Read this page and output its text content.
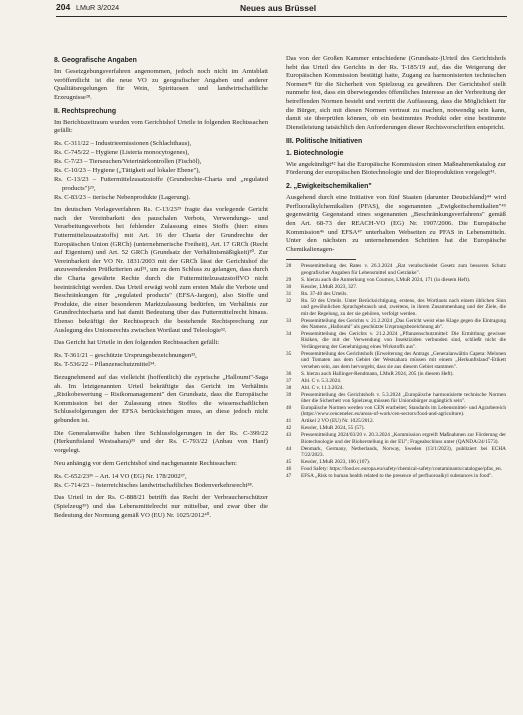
204 LMuR 3/2024	Neues aus Brüssel
8. Geografische Angaben

Im Gesetzgebungsverfahren angenommen, jedoch noch nicht im Amtsblatt veröffentlicht ist die neue VO zu geografischer Angaben und anderer Qualitätsregelungen für Wein, Spirituosen und landwirtschaftliche Erzeugnisse²⁸.

II. Rechtsprechung

Im Berichtszeitraum wurden vom Gerichtshof Urteile in folgenden Rechtssachen gefällt:

Rs. C-311/22 – Industrieemissionen (Schlachthaus),
Rs. C-745/22 – Hygiene (Listeria monocytogenes),
Rs. C-7/23 – Tierseuchen/Veterinärkontrollen (Fischöl),
Rs. C-10/23 – Hygiene („Tätigkeit auf lokaler Ebene"),
Rs. C-13/23 – Futtermittelzusatzstoffe (Grundrechte-Charta und „regulated products")²⁹,
Rs. C-83/23 – tierische Nebenprodukte (Lagerung).

Im deutschen Vorlageverfahren Rs. C-13/23²⁹ fragte das vorlegende Gericht nach der Vereinbarkeit des pauschalen Verbots, Verwendungs- und Verarbeitungsverbots bei fehlender Zulassung eines Stoffs (hier: eines Futtermittelzusatzstoffs) mit Art. 16 der Charta der Grundrechte der Europäischen Union (GRCh) (unternehmerische Freiheit), Art. 17 GRCh (Recht auf Eigentum) und Art. 52 GRCh (Grundsatz der Verhältnismäßigkeit)³⁰. Zur Vereinbarkeit der VO Nr. 1831/2003 mit der GRCh lässt der Gerichtshof die anzuwendenden Prüfkriterien auf³¹, um zu dem Schluss zu gelangen, dass durch die Charta gewährte Rechte durch die FuttermittelzusatzstoffVO nicht beeinträchtigt werden. Das Urteil erwägt wohl zum ersten Male die Verbote und Beschränkungen für „regulated products" (EFSA-Jargon), also Stoffe und Produkte, die einer besonderen Marktzulassung bedürfen, im Verhältnis zur Grundrechtecharta und hat damit Bedeutung über das Futtermittelrecht hinaus. Ebenso bekräftigt der Rechtsspruch die bestehende Rechtsprechung zur Auslegung des Unionsrechts zwischen Wortlaut und Teleologie³².

Das Gericht hat Urteile in den folgenden Rechtssachen gefällt:

Rs. T-361/21 – geschützte Ursprungsbezeichnungen³³,
Rs. T-536/22 – Pflanzenschutzmittel³⁴.

Bezugnehmend auf das vielleicht (hoffentlich) die zyprische „Halloumi"-Saga ab. Im letztgenannten Urteil bekräftigte das Gericht im Verhältnis „Risikobewertung – Risikomanagement" den Grundsatz, dass die Europäische Kommission bei der Zulassung eines Stoffes die wissenschaftlichen Schlussfolgerungen der EFSA berücksichtigen muss, an diese jedoch nicht gebunden ist.

Die Generalanwälte haben ihre Schlussfolgerungen in der Rs. C-399/22 (Herkunftsland Westsahara)³⁵ und der Rs. C-793/22 (Anbau von Hanf) vorgelegt.

Neu anhängig vor dem Gerichtshof sind nachgenannte Rechtssachen:

Rs. C-652/23³⁶ – Art. 14 VO (EG) Nr. 178/2002³⁷,
Rs. C-714/23 – österreichisches landwirtschaftliches Bodenverkehrsrecht³⁸.

Das Urteil in der Rs. C-888/21 betrifft das Recht der Verbraucherschützer (Spielzeug³⁹) und das Lebensmittelrecht nur mittelbar, und zwar über die Bedeutung der Normung gemäß VO (EU) Nr. 1025/2012⁴⁰.

Das von der Großen Kammer entschiedene (Grundsatz-)Urteil des Gerichtshofs hebt das Urteil des Gerichts in der Rs. T-185/19 auf, das die Weigerung der Europäischen Kommission bestätigt hatte, Zugang zu harmonisierten technischen Normen⁴¹ für die Sicherheit von Spielzeug zu gewähren. Der Gerichtshof stellt nunmehr fest, dass ein überwiegendes öffentliches Interesse an der Verbreitung der betreffenden Normen besteht und vertritt die Auffassung, dass die Möglichkeit für die Bürger, sich mit diesen Normen vertraut zu machen, notwendig sein kann, damit sie überprüfen können, ob ein bestimmtes Produkt oder eine bestimmte Dienstleistung tatsächlich den Anforderungen dieser Rechtsvorschriften entspricht.

III. Politische Initiativen
1. Biotechnologie

Wie angekündigt⁴² hat die Europäische Kommission einen Maßnahmenkatalog zur Förderung der europäischen Biotechnologie und der Bioproduktion vorgelegt⁴³.

2. „Ewigkeitschemikalien"

Ausgehend durch eine Initiative von fünf Staaten (darunter Deutschland)⁴⁴ wird Perfluoralkylchemikalien (PFAS), die sogenannten „Ewigkeitschemikalien"⁴⁵ gegenwärtig Gegenstand eines sogenannten „Beschränkungsverfahrens" gemäß den Art. 68-73 der REACH-VO (EG) Nr. 1907/2006. Die Europäische Kommission⁴⁶ und EFSA⁴⁷ unterhalten Webseiten zu PFAS in Lebensmitteln. Unter den nächsten zu unternehmenden Schritten hat die Europäische Chemikalienagen-

28	Pressemitteilung des Rates v. 26.3.2024 „Rat verabschiedet Gesetz zum besseren Schutz geografischer Angaben für Lebensmittel und Getränke".
29	S. hierzu auch die Anmerkung von Coumos, LMuR 2024, 171 (in diesem Heft).
30	Kessler, LMuR 2023, 327.
31	Rn. 37-40 des Urteils.
32	Rn. 50 des Urteils. Unter Berücksichtigung, erstens, des Wortlauts nach einem üblichen Sinn und gewöhnlichen Sprachgebrauch und, zweitens, in ihrem Zusammenhang und der Ziele, die mit der Regelung, zu der sie gehören, verfolgt werden.
33	Pressemitteilung des Gerichts v. 21.2.2024 „Das Gericht weist eine Klage gegen die Eintragung des Namens „Halloumi" als geschützte Ursprungsbezeichnung ab".
34	Pressemitteilung des Gerichts v. 21.2.2024 „Pflanzenschutzmittel: Die Ermittlung gewisser Risiken, die mit der Verwendung von Insektiziden verbunden sind, schließt nicht die Verlängerung der Genehmigung eines Wirkstoffs aus".
35	Pressemitteilung des Gerichtshofs (Erweiterung des Antrags „Generalanwältin Capeta: Melonen und Tomaten aus dem Gebiet der Westsahara müssen mit einem „Herkunftsland"-Etikett versehen sein, aus dem hervorgeht, dass sie aus diesem Gebiet stammen".
36	S. hierzu auch Hallinger-Rendmann, LMuR 2024, 205 (in diesem Heft).
37	Abl. C v. 5.3.2024.
38	Abl. C v. 11.3.2024.
39	Pressemitteilung des Gerichtshofs v. 5.3.2024 „Europäische harmonisierte technische Normen über die Sicherheit von Spielzeug müssen für Unionsbürger zugänglich sein".
40	Europäische Normen werden von CEN erarbeitet; Standards im Lebensmittel- und Agrarbereich (https://www.cencenelec.eu/areas-of-work/cen-sectors/food-and-agriculture).
41	Artikel 2 VO (EU) Nr. 1025/2012.
42	Kessler, LMuR 2024, 55 (57).
43	Pressemitteilung 2024/03/20 v. 20.3.2024 „Kommission ergreift Maßnahmen zur Förderung der Biotechnologie und der Bioherstellung in der EU"; Frageabschluss unter (QANDA/24/1573).
44	Denmark, Germany, Netherlands, Norway, Sweden (13/1/2023), publiziert bei ECHA 7/22/2023.
45	Kessler, LMuR 2023, 106 (107).
46	Food Safety: https://food.ec.europa.eu/safety/chemical-safety/contaminants/catalogue/pfas_en.
47	EFSA „Risk to human health related to the presence of perfluoroalkyl substances in food".
